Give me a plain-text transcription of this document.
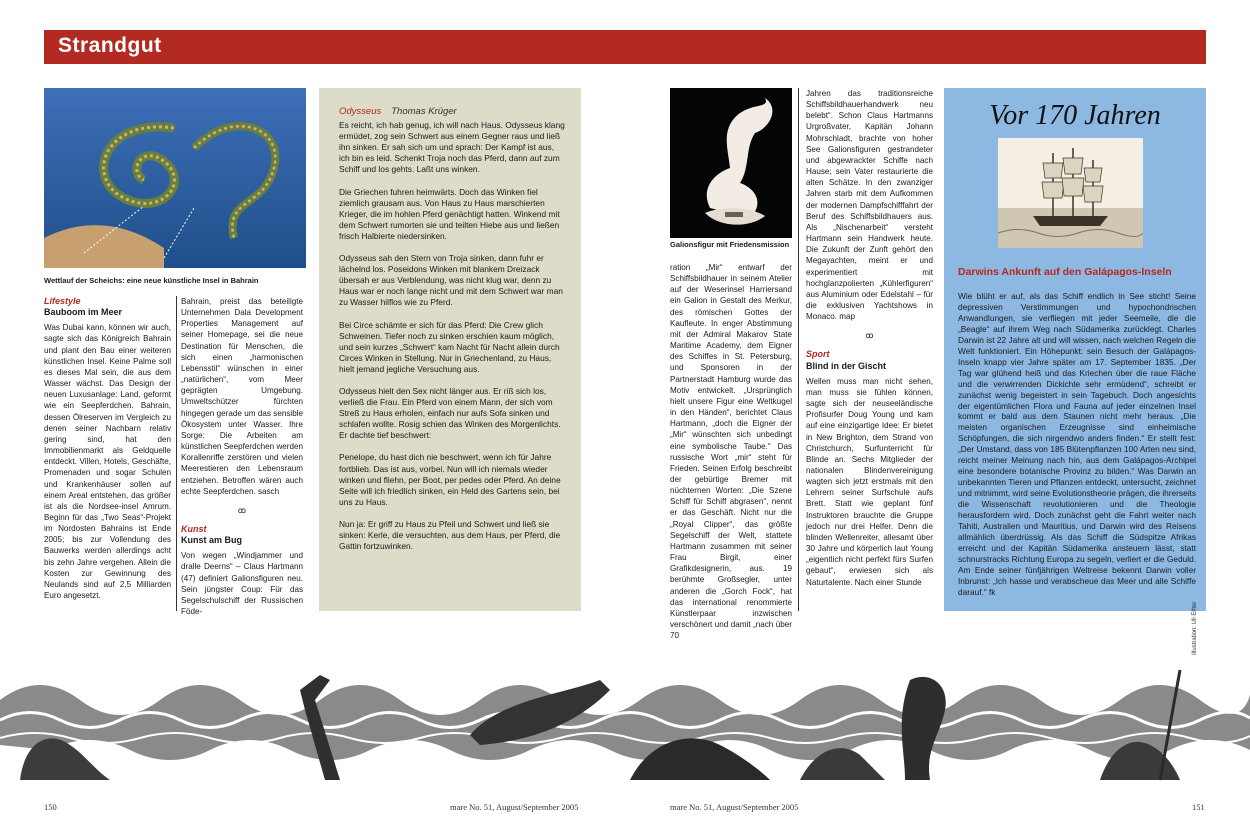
Strandgut
Wettlauf der Scheichs: eine neue künstliche Insel in Bahrain
Lifestyle
Bauboom im Meer

Was Dubai kann, können wir auch, sagte sich das Königreich Bahrain und plant den Bau einer weiteren künstlichen Insel. Keine Palme soll es dieses Mal sein, die aus dem Wasser wächst. Das Design der neuen Luxusanlage: Land, geformt wie ein Seepferdchen. Bahrain, dessen Ölreserven im Vergleich zu denen seiner Nachbarn relativ gering sind, hat den Immobilienmarkt als Geldquelle entdeckt. Villen, Hotels, Geschäfte, Promenaden und sogar Schulen und Krankenhäuser sollen auf einem Areal entstehen, das größer ist als die Nordsee-insel Amrum. Beginn für das „Two Seas“-Projekt im Nordosten Bahrains ist Ende 2005; bis zur Vollendung des Bauwerks werden allerdings acht bis zehn Jahre vergehen. Allein die Kosten zur Gewinnung des Neulands sind auf 2,5 Milliarden Euro angesetzt.

Bahrain, preist das beteiligte Unternehmen Dala Development Properties Management auf seiner Homepage, sei die neue Destination für Menschen, die sich einen „harmonischen Lebensstil“ wünschen in einer „natürlichen“, vom Meer geprägten Umgebung. Umweltschützer fürchten hingegen gerade um das sensible Ökosystem unter Wasser. Ihre Sorge: Die Arbeiten am künstlichen Seepferdchen werden Korallenriffe zerstören und vielen Meerestieren den Lebensraum entziehen. Betroffen wären auch echte Seepferdchen. sasch

ꝏ
Kunst
Kunst am Bug

Von wegen „Windjammer und dralle Deerns“ – Claus Hartmann (47) definiert Galionsfiguren neu. Sein jüngster Coup: Für das Segelschulschiff der Russischen Föde-

Odysseus Thomas Krüger

Es reicht, ich hab genug, ich will nach Haus. Odysseus klang ermüdet, zog sein Schwert aus einem Gegner raus und ließ ihn sinken. Er sah sich um und sprach: Der Kampf ist aus, ich bin es leid. Schenkt Troja noch das Pferd, dann auf zum Schiff und los gehts. Laßt uns winken.

Die Griechen fuhren heimwärts. Doch das Winken fiel ziemlich grausam aus. Von Haus zu Haus marschierten Krieger, die im hohlen Pferd genächtigt hatten. Winkend mit dem Schwert rumorten sie und teilten Hiebe aus und ließen frisch Halbierte niedersinken.

Odysseus sah den Stern von Troja sinken, dann fuhr er lächelnd los. Poseidons Winken mit blankem Dreizack übersah er aus Verblendung, was nicht klug war, denn zu Haus war er noch lange nicht und mit dem Schwert war man zu Wasser hilflos wie zu Pferd.

Bei Circe schämte er sich für das Pferd: Die Crew glich Schweinen. Tiefer noch zu sinken erschien kaum möglich, und sein kurzes „Schwert“ kam Nacht für Nacht allein durch Circes Winken in Stellung. Nur in Griechenland, zu Haus, hielt jemand jegliche Versuchung aus.

Odysseus hielt den Sex nicht länger aus. Er riß sich los, verließ die Frau. Ein Pferd von einem Mann, der sich vom Streß zu Haus erholen, einfach nur aufs Sofa sinken und schlafen wollte. Rosig schien das Winken des Morgenlichts. Er dachte tief beschwert:

Penelope, du hast dich nie beschwert, wenn ich für Jahre fortblieb. Das ist aus, vorbei. Nun will ich niemals wieder winken und fliehn, per Boot, per pedes oder Pferd. An deine Seite will ich friedlich sinken, ein Held des Gartens sein, bei uns zu Haus.

Nun ja: Er griff zu Haus zu Pfeil und Schwert und ließ sie sinken: Kerle, die versuchten, aus dem Haus, per Pferd, die Gattin fortzuwinken.

Galionsfigur mit Friedensmission

ration „Mir“ entwarf der Schiffsbildhauer in seinem Atelier auf der Weserinsel Harriersand ein Galion in Gestalt des Merkur, des römischen Gottes der Kaufleute. In enger Abstimmung mit der Admiral Makarov State Maritime Academy, dem Eigner des Schiffes in St. Petersburg, und Sponsoren in der Partnerstadt Hamburg wurde das Motiv entwickelt. „Ursprünglich hielt unsere Figur eine Weltkugel in den Händen“, berichtet Claus Hartmann, „doch die Eigner der „Mir“ wünschten sich unbedingt eine symbolische Taube.“ Das russische Wort „mir“ steht für Frieden. Seinen Erfolg beschreibt der gebürtige Bremer mit nüchternen Worten: „Die Szene Schiff für Schiff abgrasen“, nennt er das Geschäft. Nicht nur die „Royal Clipper“, das größte Segelschiff der Welt, stattete Hartmann zusammen mit seiner Frau Birgit, einer Grafikdesignerin, aus. 19 berühmte Großsegler, unter anderen die „Gorch Fock“, hat das international renommierte Künstlerpaar inzwischen verschönert und damit „nach über 70

Jahren das traditionsreiche Schiffsbildhauerhandwerk neu belebt“. Schon Claus Hartmanns Urgroßvater, Kapitän Johann Mohrschladt, brachte von hoher See Galionsfiguren gestrandeter und abgewrackter Schiffe nach Hause; sein Vater restaurierte die alten Schätze. In den zwanziger Jahren starb mit dem Aufkommen der modernen Dampfschifffahrt der Beruf des Schiffsbildhauers aus. Als „Nischenarbeit“ versteht Hartmann sein Handwerk heute. Die Zukunft der Zunft gehört den Megayachten, meint er und experimentiert mit hochglanzpolierten „Kühlerfiguren“ aus Aluminium oder Edelstahl – für die exklusiven Yachtshows in Monaco. map

ꝏ
Sport
Blind in der Gischt

Wellen muss man nicht sehen, man muss sie fühlen können, sagte sich der neuseeländische Profisurfer Doug Young und kam auf eine einzigartige Idee: Er bietet in New Brighton, dem Strand von Christchurch, Surfunterricht für Blinde an. Sechs Mitglieder der nationalen Blindenvereinigung wagten sich jetzt erstmals mit den Lehrern seiner Surfschule aufs Brett. Statt wie geplant fünf Instruktoren brauchte die Gruppe jedoch nur drei Helfer. Denn die blinden Wellenreiter, allesamt über 30 Jahre und körperlich laut Young „eigentlich nicht perfekt fürs Surfen gebaut“, erwiesen sich als Naturtalente. Nach einer Stunde

Vor 170 Jahren
Darwins Ankunft auf den Galápagos-Inseln
Wie blüht er auf, als das Schiff endlich in See sticht! Seine depressiven Verstimmungen und hypochondrischen Anwandlungen, sie verfliegen mit jeder Seemeile, die die „Beagle“ auf ihrem Weg nach Südamerika zurücklegt. Charles Darwin ist 22 Jahre alt und will wissen, nach welchen Regeln die Welt funktioniert. Ein Höhepunkt: sein Besuch der Galápagos-Inseln knapp vier Jahre später am 17. September 1835. „Der Tag war glühend heiß und das Kriechen über die raue Fläche und die verwirrenden Dickichte sehr ermüdend“, schreibt er zunächst wenig begeistert in sein Tagebuch. Doch angesichts der eigentümlichen Flora und Fauna auf jeder einzelnen Insel kommt er bald aus dem Staunen nicht mehr heraus. „Die meisten organischen Erzeugnisse sind einheimische Schöpfungen, die sich nirgendwo anders finden.“ Er stellt fest: „Der Umstand, dass von 185 Blütenpflanzen 100 Arten neu sind, reicht meiner Meinung nach hin, aus dem Galápagos-Archipel eine besondere botanische Provinz zu bilden.“ Was Darwin an unbekannten Tieren und Pflanzen entdeckt, untersucht, zeichnet und mitnimmt, wird seine Evolutionstheorie prägen, die ihrerseits die Wissenschaft revolutionieren und die Theologie herausfordern wird. Doch zunächst geht die Fahrt weiter nach Tahiti, Australien und Mauritius, und Darwin wird des Reisens allmählich überdrüssig. Als das Schiff die Südspitze Afrikas erreicht und der Kapitän Südamerika ansteuern lässt, statt schnurstracks Richtung Europa zu segeln, verliert er die Geduld. Am Ende seiner fünfjährigen Weltreise bekennt Darwin voller Inbrunst: „Ich hasse und verabscheue das Meer und alle Schiffe darauf.“ fk
Illustration: Uli Elfter
150	mare No. 51, August/September 2005	mare No. 51, August/September 2005	151
